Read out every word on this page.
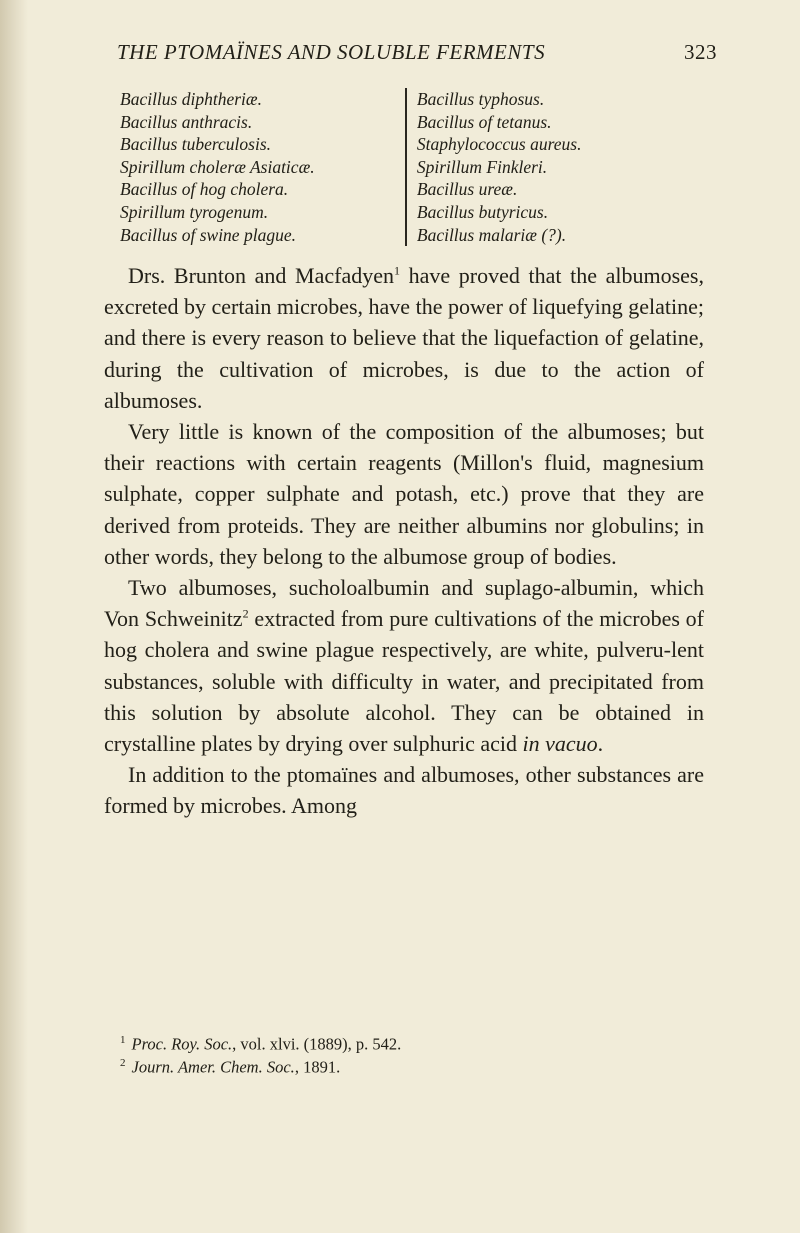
THE PTOMAÏNES AND SOLUBLE FERMENTS	323
Bacillus diphtheriæ.
Bacillus anthracis.
Bacillus tuberculosis.
Spirillum choleræ Asiaticæ.
Bacillus of hog cholera.
Spirillum tyrogenum.
Bacillus of swine plague.
Bacillus typhosus.
Bacillus of tetanus.
Staphylococcus aureus.
Spirillum Finkleri.
Bacillus ureæ.
Bacillus butyricus.
Bacillus malariæ (?).

Drs. Brunton and Macfadyen$^1$ have proved that the albumoses, excreted by certain microbes, have the power of liquefying gelatine; and there is every reason to believe that the liquefaction of gelatine, during the cultivation of microbes, is due to the action of albumoses.

Very little is known of the composition of the albumoses; but their reactions with certain reagents (Millon's fluid, magnesium sulphate, copper sulphate and potash, etc.) prove that they are derived from proteids. They are neither albumins nor globulins; in other words, they belong to the albumose group of bodies.

Two albumoses, sucholoalbumin and suplago-albumin, which Von Schweinitz$^2$ extracted from pure cultivations of the microbes of hog cholera and swine plague respectively, are white, pulveru-lent substances, soluble with difficulty in water, and precipitated from this solution by absolute alcohol. They can be obtained in crystalline plates by drying over sulphuric acid in vacuo.

In addition to the ptomaïnes and albumoses, other substances are formed by microbes. Among

$^1$ Proc. Roy. Soc., vol. xlvi. (1889), p. 542.
$^2$ Journ. Amer. Chem. Soc., 1891.
